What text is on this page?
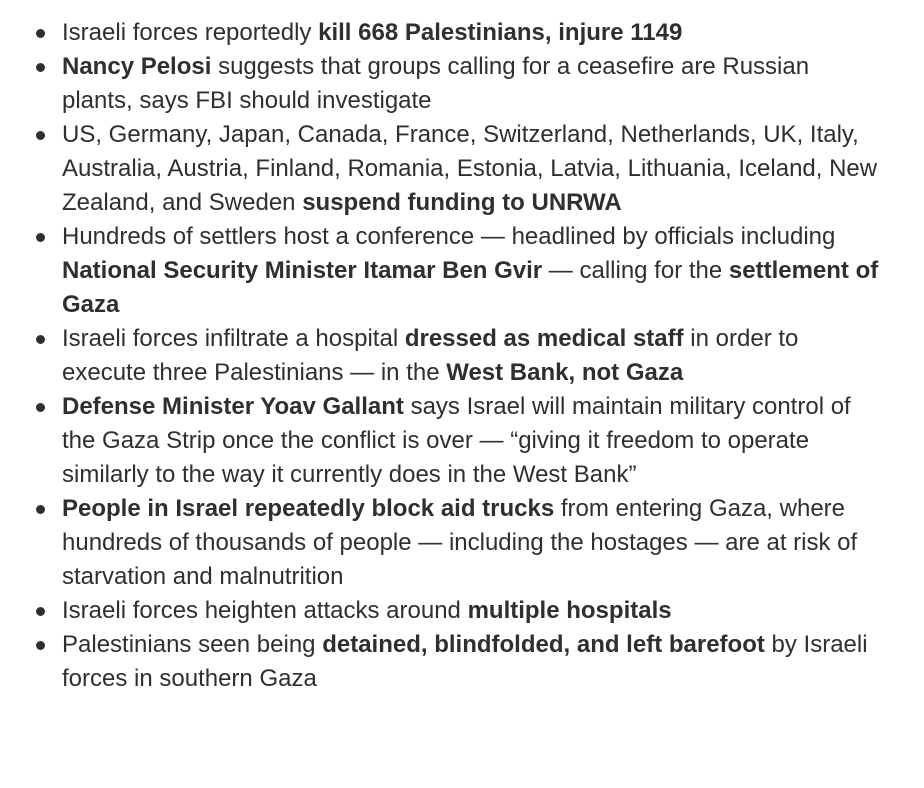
Israeli forces reportedly kill 668 Palestinians, injure 1149
Nancy Pelosi suggests that groups calling for a ceasefire are Russian plants, says FBI should investigate
US, Germany, Japan, Canada, France, Switzerland, Netherlands, UK, Italy, Australia, Austria, Finland, Romania, Estonia, Latvia, Lithuania, Iceland, New Zealand, and Sweden suspend funding to UNRWA
Hundreds of settlers host a conference — headlined by officials including National Security Minister Itamar Ben Gvir — calling for the settlement of Gaza
Israeli forces infiltrate a hospital dressed as medical staff in order to execute three Palestinians — in the West Bank, not Gaza
Defense Minister Yoav Gallant says Israel will maintain military control of the Gaza Strip once the conflict is over — “giving it freedom to operate similarly to the way it currently does in the West Bank”
People in Israel repeatedly block aid trucks from entering Gaza, where hundreds of thousands of people — including the hostages — are at risk of starvation and malnutrition
Israeli forces heighten attacks around multiple hospitals
Palestinians seen being detained, blindfolded, and left barefoot by Israeli forces in southern Gaza
